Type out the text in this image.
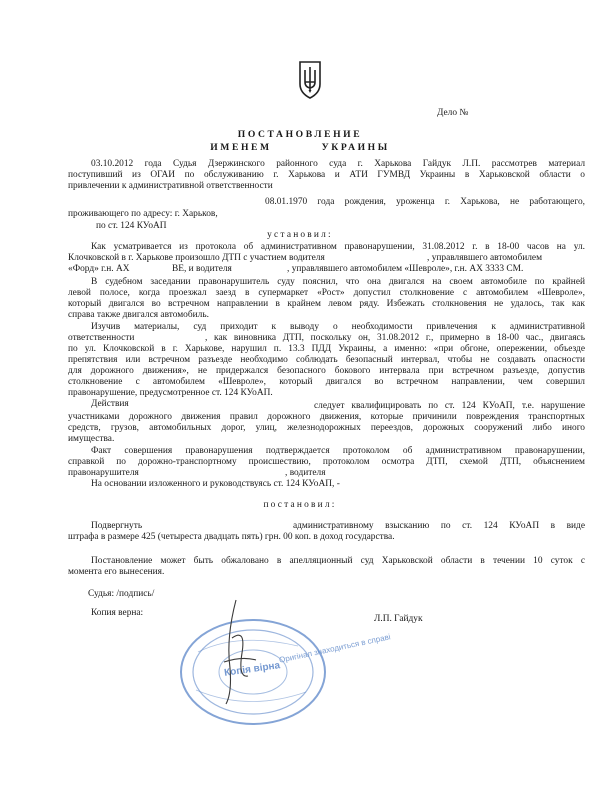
Дело №
ПОСТАНОВЛЕНИЕ
ИМЕНЕМ          УКРАИНЫ
03.10.2012 года Судья Дзержинского районного суда г. Харькова Гайдук Л.П. рассмотрев материал
поступивший из ОГАИ по обслуживанию г. Харькова и АТИ ГУМВД Украины в Харьковской области о
привлечении к административной ответственности
08.01.1970 года рождения, уроженца г. Харькова, не работающего,
проживающего по адресу: г. Харьков,
по ст. 124 КУоАП
установил:
Как усматривается из протокола об административном правонарушении, 31.08.2012 г. в 18-00 часов на ул.
Клочковской в г. Харькове произошло ДТП с участием водителя	, управлявшего автомобилем
«Форд» г.н. АХ	ВЕ, и водителя	, управлявшего автомобилем «Шевроле», г.н. АХ 3333 СМ.
В судебном заседании правонарушитель суду пояснил, что она двигался на своем автомобиле по крайней
левой полосе, когда проезжал заезд в супермаркет «Рост» допустил столкновение с автомобилем «Шевроле»,
который двигался во встречном направлении в крайнем левом ряду. Избежать столкновения не удалось, так как
справа также двигался автомобиль.
Изучив материалы, суд приходит к выводу о необходимости привлечения к административной
ответственности	, как виновника ДТП, поскольку он, 31.08.2012 г., примерно в 18-00 час., двигаясь
по ул. Клочковской в г. Харькове, нарушил п. 13.3 ПДД Украины, а именно: «при обгоне, опережении, объезде
препятствия или встречном разъезде необходимо соблюдать безопасный интервал, чтобы не создавать опасности
для дорожного движения», не придержался безопасного бокового интервала при встречном разъезде, допустив
столкновение с автомобилем «Шевроле», который двигался во встречном направлении, чем совершил
правонарушение, предусмотренное ст. 124 КУоАП.
Действия	следует квалифицировать по ст. 124 КУоАП, т.е. нарушение
участниками дорожного движения правил дорожного движения, которые причинили повреждения транспортных
средств, грузов, автомобильных дорог, улиц, железнодорожных переездов, дорожных сооружений либо иного
имущества.
Факт совершения правонарушения подтверждается протоколом об административном правонарушении,
справкой по дорожно-транспортному происшествию, протоколом осмотра ДТП, схемой ДТП, объяснением
правонарушителя	, водителя
На основании изложенного и руководствуясь ст. 124 КУоАП, -
постановил:
Подвергнуть	административному взысканию по ст. 124 КУоАП в виде
штрафа в размере 425 (четыреста двадцать пять) грн. 00 коп. в доход государства.
Постановление может быть обжаловано в апелляционный суд Харьковской области в течении 10 суток с
момента его вынесения.
Судья: /подпись/
Копия верна:
Л.П. Гайдук
Оригінал знаходиться в справі
Копія вірна
